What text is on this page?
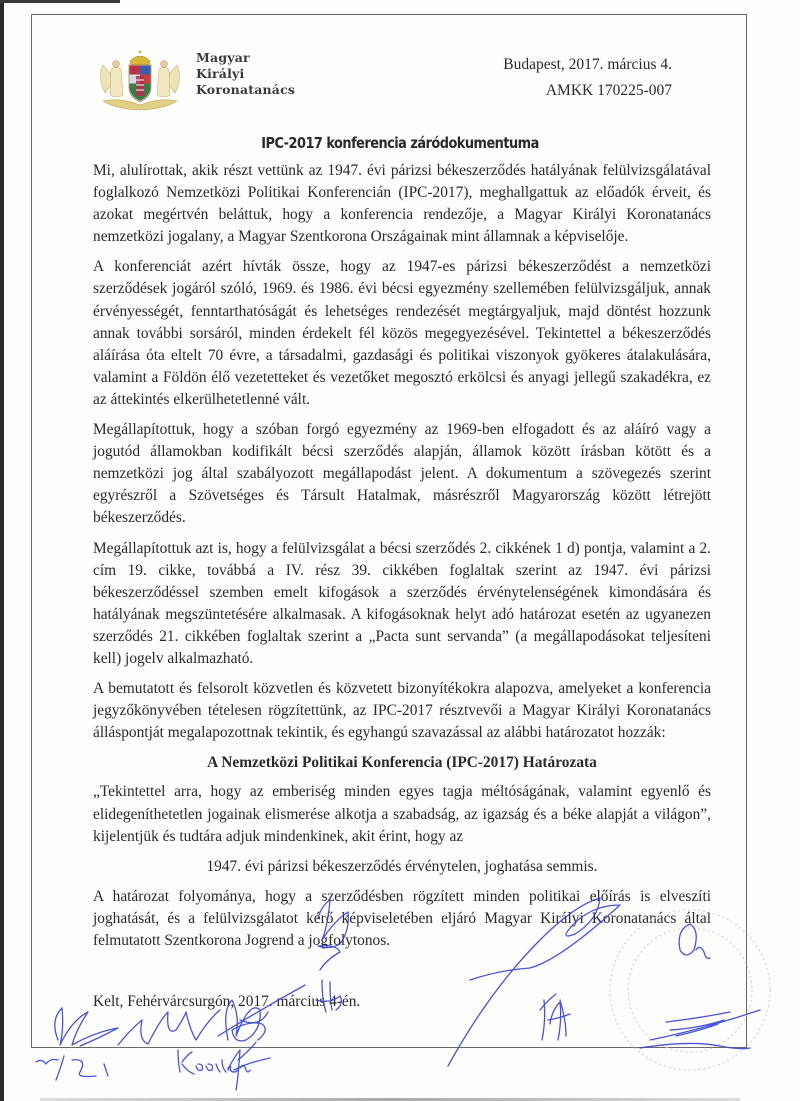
Magyar
Királyi
Koronatanács
Budapest, 2017. március 4.
AMKK 170225-007
IPC-2017 konferencia záródokumentuma

Mi, alulírottak, akik részt vettünk az 1947. évi párizsi békeszerződés hatályának felülvizsgálatával foglalkozó Nemzetközi Politikai Konferencián (IPC-2017), meghallgattuk az előadók érveit, és azokat megértvén beláttuk, hogy a konferencia rendezője, a Magyar Királyi Koronatanács nemzetközi jogalany, a Magyar Szentkorona Országainak mint államnak a képviselője.

A konferenciát azért hívták össze, hogy az 1947-es párizsi békeszerződést a nemzetközi szerződések jogáról szóló, 1969. és 1986. évi bécsi egyezmény szellemében felülvizsgáljuk, annak érvényességét, fenntarthatóságát és lehetséges rendezését megtárgyaljuk, majd döntést hozzunk annak további sorsáról, minden érdekelt fél közös megegyezésével. Tekintettel a békeszerződés aláírása óta eltelt 70 évre, a társadalmi, gazdasági és politikai viszonyok gyökeres átalakulására, valamint a Földön élő vezetetteket és vezetőket megosztó erkölcsi és anyagi jellegű szakadékra, ez az áttekintés elkerülhetetlenné vált.

Megállapítottuk, hogy a szóban forgó egyezmény az 1969-ben elfogadott és az aláíró vagy a jogutód államokban kodifikált bécsi szerződés alapján, államok között írásban kötött és a nemzetközi jog által szabályozott megállapodást jelent. A dokumentum a szövegezés szerint egyrészről a Szövetséges és Társult Hatalmak, másrészről Magyarország között létrejött békeszerződés.

Megállapítottuk azt is, hogy a felülvizsgálat a bécsi szerződés 2. cikkének 1 d) pontja, valamint a 2. cím 19. cikke, továbbá a IV. rész 39. cikkében foglaltak szerint az 1947. évi párizsi békeszerződéssel szemben emelt kifogások a szerződés érvénytelenségének kimondására és hatályának megszüntetésére alkalmasak. A kifogásoknak helyt adó határozat esetén az ugyanezen szerződés 21. cikkében foglaltak szerint a „Pacta sunt servanda” (a megállapodásokat teljesíteni kell) jogelv alkalmazható.

A bemutatott és felsorolt közvetlen és közvetett bizonyítékokra alapozva, amelyeket a konferencia jegyzőkönyvében tételesen rögzítettünk, az IPC-2017 résztvevői a Magyar Királyi Koronatanács álláspontját megalapozottnak tekintik, és egyhangú szavazással az alábbi határozatot hozzák:

A Nemzetközi Politikai Konferencia (IPC-2017) Határozata

„Tekintettel arra, hogy az emberiség minden egyes tagja méltóságának, valamint egyenlő és elidegeníthetetlen jogainak elismerése alkotja a szabadság, az igazság és a béke alapját a világon”, kijelentjük és tudtára adjuk mindenkinek, akit érint, hogy az

1947. évi párizsi békeszerződés érvénytelen, joghatása semmis.

A határozat folyománya, hogy a szerződésben rögzített minden politikai előírás is elveszíti joghatását, és a felülvizsgálatot kérő képviseletében eljáró Magyar Királyi Koronatanács által felmutatott Szentkorona Jogrend a jogfolytonos.

Kelt, Fehérvárcsurgón, 2017. március 4-én.
